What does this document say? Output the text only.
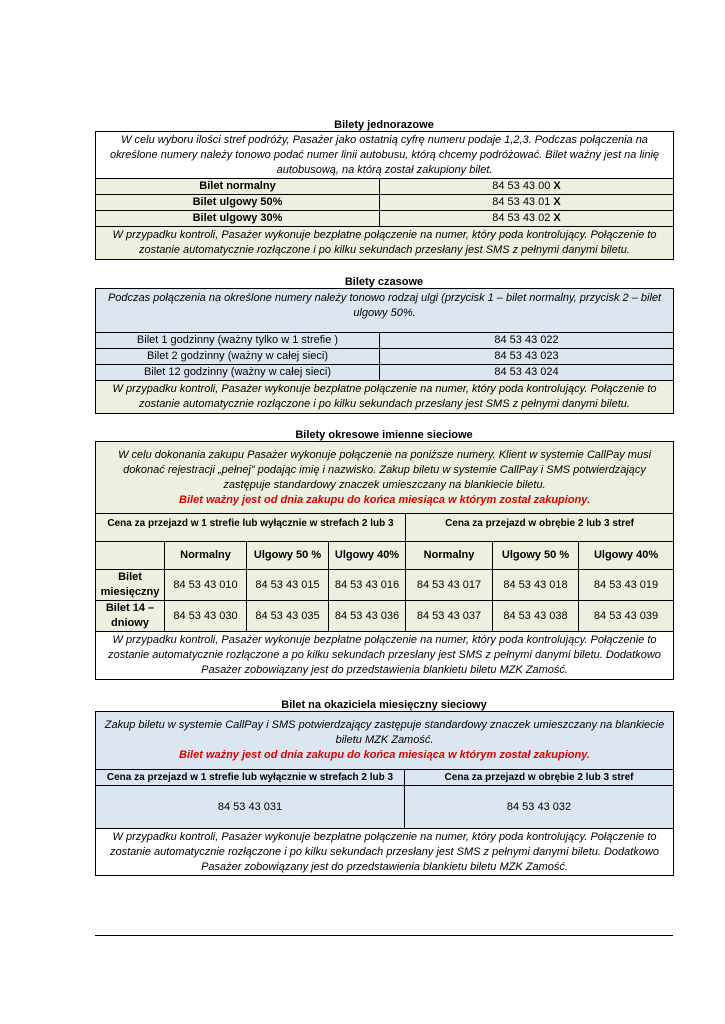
Bilety jednorazowe
W celu wyboru ilości stref podróży, Pasażer jako ostatnią cyfrę numeru podaje 1,2,3. Podczas połączenia na określone numery należy tonowo podać numer linii autobusu, którą chcemy podróżować. Bilet ważny jest na linię autobusową, na którą został zakupiony bilet.	
Bilet normalny	84 53 43 00 X
Bilet ulgowy 50%	84 53 43 01 X
Bilet ulgowy 30%	84 53 43 02 X
W przypadku kontroli, Pasażer wykonuje bezpłatne połączenie na numer, który poda kontrolujący. Połączenie to zostanie automatycznie rozłączone i po kilku sekundach przesłany jest SMS z pełnymi danymi biletu.	
Bilety czasowe
Podczas połączenia na określone numery należy tonowo rodzaj ulgi (przycisk 1 – bilet normalny, przycisk 2 – bilet ulgowy 50%.	
Bilet 1 godzinny (ważny tylko w 1 strefie )	84 53 43 022
Bilet 2 godzinny (ważny w całej sieci)	84 53 43 023
Bilet 12 godzinny (ważny w całej sieci)	84 53 43 024
W przypadku kontroli, Pasażer wykonuje bezpłatne połączenie na numer, który poda kontrolujący. Połączenie to zostanie automatycznie rozłączone i po kilku sekundach przesłany jest SMS z pełnymi danymi biletu.	
Bilety okresowe imienne sieciowe
W celu dokonania zakupu Pasażer wykonuje połączenie na poniższe numery. Klient w systemie CallPay musi dokonać rejestracji „pełnej” podając imię i nazwisko. Zakup biletu w systemie CallPay i SMS potwierdzający zastępuje standardowy znaczek umieszczany na blankiecie biletu.
Bilet ważny jest od dnia zakupu do końca miesiąca w którym został zakupiony.						

Cena za przejazd w 1 strefie lub wyłącznie w strefach 2 lub 3				Cena za przejazd w obrębie 2 lub 3 stref		
	Normalny	Ulgowy 50 %	Ulgowy 40%	Normalny	Ulgowy 50 %	Ulgowy 40%
Bilet miesięczny	84 53 43 010	84 53 43 015	84 53 43 016	84 53 43 017	84 53 43 018	84 53 43 019
Bilet 14 – dniowy	84 53 43 030	84 53 43 035	84 53 43 036	84 53 43 037	84 53 43 038	84 53 43 039
W przypadku kontroli, Pasażer wykonuje bezpłatne połączenie na numer, który poda kontrolujący. Połączenie to zostanie automatycznie rozłączone a po kilku sekundach przesłany jest SMS z pełnymi danymi biletu. Dodatkowo Pasażer zobowiązany jest do przedstawienia blankietu biletu MZK Zamość.						
Bilet na okaziciela miesięczny sieciowy
Zakup biletu w systemie CallPay i SMS potwierdzający zastępuje standardowy znaczek umieszczany na blankiecie biletu MZK Zamość.
Bilet ważny jest od dnia zakupu do końca miesiąca w którym został zakupiony.	

Cena za przejazd w 1 strefie lub wyłącznie w strefach 2 lub 3	Cena za przejazd w obrębie 2 lub 3 stref
84 53 43 031	84 53 43 032
W przypadku kontroli, Pasażer wykonuje bezpłatne połączenie na numer, który poda kontrolujący. Połączenie to zostanie automatycznie rozłączone i po kilku sekundach przesłany jest SMS z pełnymi danymi biletu. Dodatkowo Pasażer zobowiązany jest do przedstawienia blankietu biletu MZK Zamość.	
